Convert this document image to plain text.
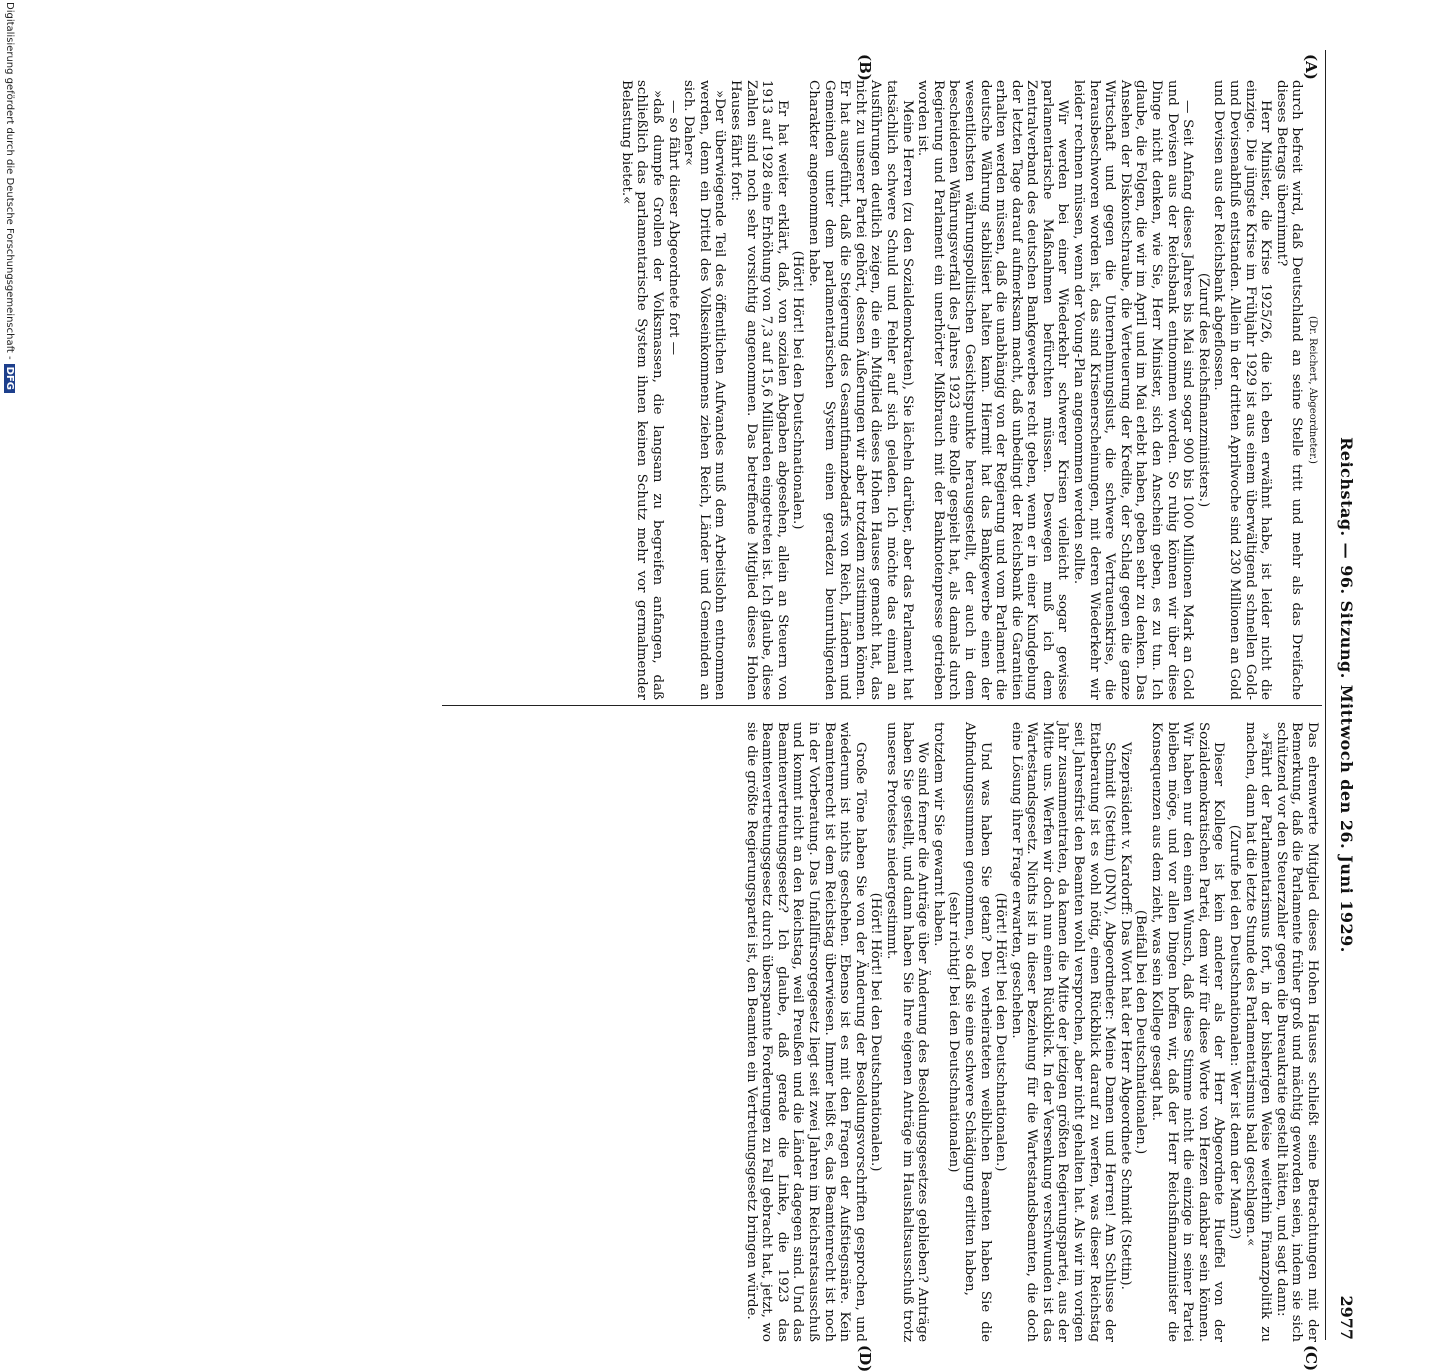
Reichstag. — 96. Sitzung. Mittwoch den 26. Juni 1929.
2977
(A)
(B)
(C)
(D)

(Dr. Reichert, Abgeordneter.)

durch befreit wird, daß Deutschland an seine Stelle tritt und mehr als das Dreifache dieses Betrags übernimmt?

Herr Minister, die Krise 1925/26, die ich eben erwähnt habe, ist leider nicht die einzige. Die jüngste Krise im Frühjahr 1929 ist aus einem überwältigend schnellen Gold- und Devisenabfluß entstanden. Allein in der dritten Aprilwoche sind 230 Millionen an Gold und Devisen aus der Reichsbank abgeflossen.

(Zuruf des Reichsfinanzministers.)

— Seit Anfang dieses Jahres bis Mai sind sogar 900 bis 1000 Millionen Mark an Gold und Devisen aus der Reichsbank entnommen worden. So ruhig können wir über diese Dinge nicht denken, wie Sie, Herr Minister, sich den Anschein geben, es zu tun. Ich glaube, die Folgen, die wir im April und im Mai erlebt haben, geben sehr zu denken. Das Ansehen der Diskontschraube, die Verteuerung der Kredite, der Schlag gegen die ganze Wirtschaft und gegen die Unternehmungslust, die schwere Vertrauenskrise, die herausbeschworen worden ist, das sind Krisenerscheinungen, mit deren Wiederkehr wir leider rechnen müssen, wenn der Young-Plan angenommen werden sollte.

Wir werden bei einer Wiederkehr schwerer Krisen vielleicht sogar gewisse parlamentarische Maßnahmen befürchten müssen. Deswegen muß ich dem Zentralverband des deutschen Bankgewerbes recht geben, wenn er in einer Kundgebung der letzten Tage darauf aufmerksam macht, daß unbedingt der Reichsbank die Garantien erhalten werden müssen, daß die unabhängig von der Regierung und vom Parlament die deutsche Währung stabilisiert halten kann. Hiermit hat das Bankgewerbe einen der wesentlichsten währungspolitischen Gesichtspunkte herausgestellt, der auch in dem bescheidenen Währungsverfall des Jahres 1923 eine Rolle gespielt hat, als damals durch Regierung und Parlament ein unerhörter Mißbrauch mit der Banknotenpresse getrieben worden ist.

Meine Herren (zu den Sozialdemokraten), Sie lächeln darüber, aber das Parlament hat tatsächlich schwere Schuld und Fehler auf sich geladen. Ich möchte das einmal an Ausführungen deutlich zeigen, die ein Mitglied dieses Hohen Hauses gemacht hat, das nicht zu unserer Partei gehört, dessen Äußerungen wir aber trotzdem zustimmen können. Er hat ausgeführt, daß die Steigerung des Gesamtfinanzbedarfs von Reich, Ländern und Gemeinden unter dem parlamentarischen System einen geradezu beunruhigenden Charakter angenommen habe.

(Hört! Hört! bei den Deutschnationalen.)

Er hat weiter erklärt, daß, von sozialen Abgaben abgesehen, allein an Steuern von 1913 auf 1928 eine Erhöhung von 7,3 auf 15,6 Milliarden eingetreten ist. Ich glaube, diese Zahlen sind noch sehr vorsichtig angenommen. Das betreffende Mitglied dieses Hohen Hauses fährt fort:

»Der überwiegende Teil des öffentlichen Aufwandes muß dem Arbeitslohn entnommen werden, denn ein Drittel des Volkseinkommens ziehen Reich, Länder und Gemeinden an sich. Daher«

— so fährt dieser Abgeordnete fort —

»daß dumpfe Grollen der Volksmassen, die langsam zu begreifen anfangen, daß schließlich das parlamentarische System ihnen keinen Schutz mehr vor germalmender Belastung bietet.«

Das ehrenwerte Mitglied dieses Hohen Hauses schließt seine Betrachtungen mit der Bemerkung, daß die Parlamente früher groß und mächtig geworden seien, indem sie sich schützend vor den Steuerzahler gegen die Bureaukratie gestellt hätten, und sagt dann:

»Fährt der Parlamentarismus fort, in der bisherigen Weise weiterhin Finanzpolitik zu machen, dann hat die letzte Stunde des Parlamentarismus bald geschlagen.«

(Zurufe bei den Deutschnationalen: Wer ist denn der Mann?)

Dieser Kollege ist kein anderer als der Herr Abgeordnete Hueffel von der Sozialdemokratischen Partei, dem wir für diese Worte von Herzen dankbar sein können. Wir haben nur den einen Wunsch, daß diese Stimme nicht die einzige in seiner Partei bleiben möge, und vor allen Dingen hoffen wir, daß der Herr Reichsfinanzminister die Konsequenzen aus dem zieht, was sein Kollege gesagt hat.

(Beifall bei den Deutschnationalen.)

Vizepräsident v. Kardorff: Das Wort hat der Herr Abgeordnete Schmidt (Stettin).

Schmidt (Stettin) (DNV), Abgeordneter: Meine Damen und Herren! Am Schlusse der Etatberatung ist es wohl nötig, einen Rückblick darauf zu werfen, was dieser Reichstag seit Jahresfrist den Beamten wohl versprochen, aber nicht gehalten hat. Als wir im vorigen Jahr zusammentraten, da kamen die Mitte der jetzigen größten Regierungspartei, aus der Mitte uns. Werfen wir doch nun einen Rückblick. In der Versenkung verschwunden ist das Wartestandsgesetz. Nichts ist in dieser Beziehung für die Wartestandsbeamten, die doch eine Lösung ihrer Frage erwarten, geschehen.

(Hört! Hört! bei den Deutschnationalen.)

Und was haben Sie getan? Den verheirateten weiblichen Beamten haben Sie die Abfindungssummen genommen, so daß sie eine schwere Schädigung erlitten haben,

(sehr richtig! bei den Deutschnationalen)

trotzdem wir Sie gewarnt haben.

Wo sind ferner die Anträge über Änderung des Besoldungsgesetzes geblieben? Anträge haben Sie gestellt, und dann haben Sie Ihre eigenen Anträge im Haushaltsausschuß trotz unseres Protestes niedergestimmt.

(Hört! Hört! bei den Deutschnationalen.)

Große Töne haben Sie von der Änderung der Besoldungsvorschriften gesprochen, und wiederum ist nichts geschehen. Ebenso ist es mit den Fragen der Aufstiegsnäre. Kein Beamtenrecht ist dem Reichstag überwiesen. Immer heißt es, das Beamtenrecht ist noch in der Vorberatung. Das Unfallfürsorgegesetz liegt seit zwei Jahren im Reichsratsausschuß und kommt nicht an den Reichstag, weil Preußen und die Länder dagegen sind. Und das Beamtenvertretungsgesetz? Ich glaube, daß gerade die Linke, die 1923 das Beamtenvertretungsgesetz durch überspannte Forderungen zu Fall gebracht hat, jetzt, wo sie die größte Regierungspartei ist, den Beamten ein Vertretungsgesetz bringen würde.

Digitalisierung gefördert durch die Deutsche Forschungsgemeinschaft -DFG
